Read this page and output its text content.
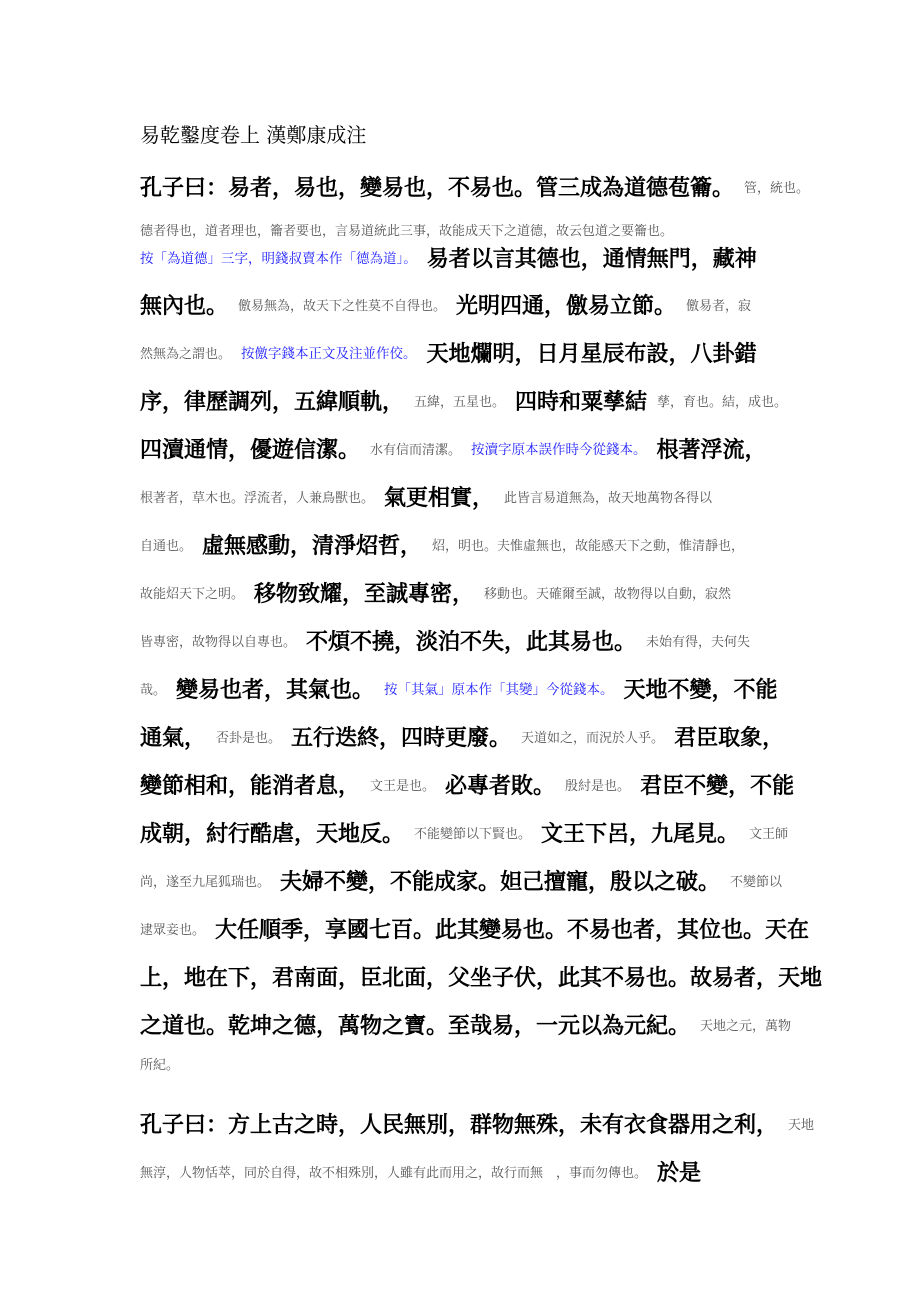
易乾鑿度卷上 漢鄭康成注
孔子曰：易者，易也，變易也，不易也。管三成為道德苞籥。 管，統也。
德者得也，道者理也，籥者要也，言易道統此三事，故能成天下之道德，故云包道之要籥也。
按「為道德」三字，明錢叔賣本作「德為道」。 易者以言其德也，通情無門，藏神
無內也。 儌易無為，故天下之性莫不自得也。 光明四通，儌易立節。 儌易者，寂
然無為之謂也。 按儌字錢本正文及注並作佼。 天地爛明，日月星辰布設，八卦錯
序，律歷調列，五緯順軌， 五緯，五星也。 四時和粟孳結 孳，育也。結，成也。
四瀆通情，優遊信潔。 水有信而清潔。 按瀆字原本誤作時今從錢本。 根著浮流，
根著者，草木也。浮流者，人兼鳥獸也。 氣更相實， 此皆言易道無為，故天地萬物各得以
自通也。 虛無感動，清淨炤哲， 炤，明也。夫惟虛無也，故能感天下之動，惟清靜也，
故能炤天下之明。 移物致耀，至誠專密， 移動也。天確爾至誠，故物得以自動，寂然
皆專密，故物得以自專也。 不煩不撓，淡泊不失，此其易也。 未始有得，夫何失
哉。 變易也者，其氣也。 按「其氣」原本作「其變」今從錢本。 天地不變，不能
通氣， 否卦是也。 五行迭終，四時更廢。 天道如之，而況於人乎。 君臣取象，
變節相和，能消者息， 文王是也。 必專者敗。 殷紂是也。 君臣不變，不能
成朝，紂行酷虐，天地反。 不能變節以下賢也。 文王下呂，九尾見。 文王師
尚，遂至九尾狐瑞也。 夫婦不變，不能成家。妲己擅寵，殷以之破。 不變節以
逮眾妾也。 大任順季，享國七百。此其變易也。不易也者，其位也。天在
上，地在下，君南面，臣北面，父坐子伏，此其不易也。故易者，天地
之道也。乾坤之德，萬物之寶。至哉易，一元以為元紀。 天地之元，萬物
所紀。
孔子曰：方上古之時，人民無別，群物無殊，未有衣食器用之利， 天地
無淳，人物恬萃，同於自得，故不相殊別，人雖有此而用之，故行而無　，事而勿傳也。 於是
